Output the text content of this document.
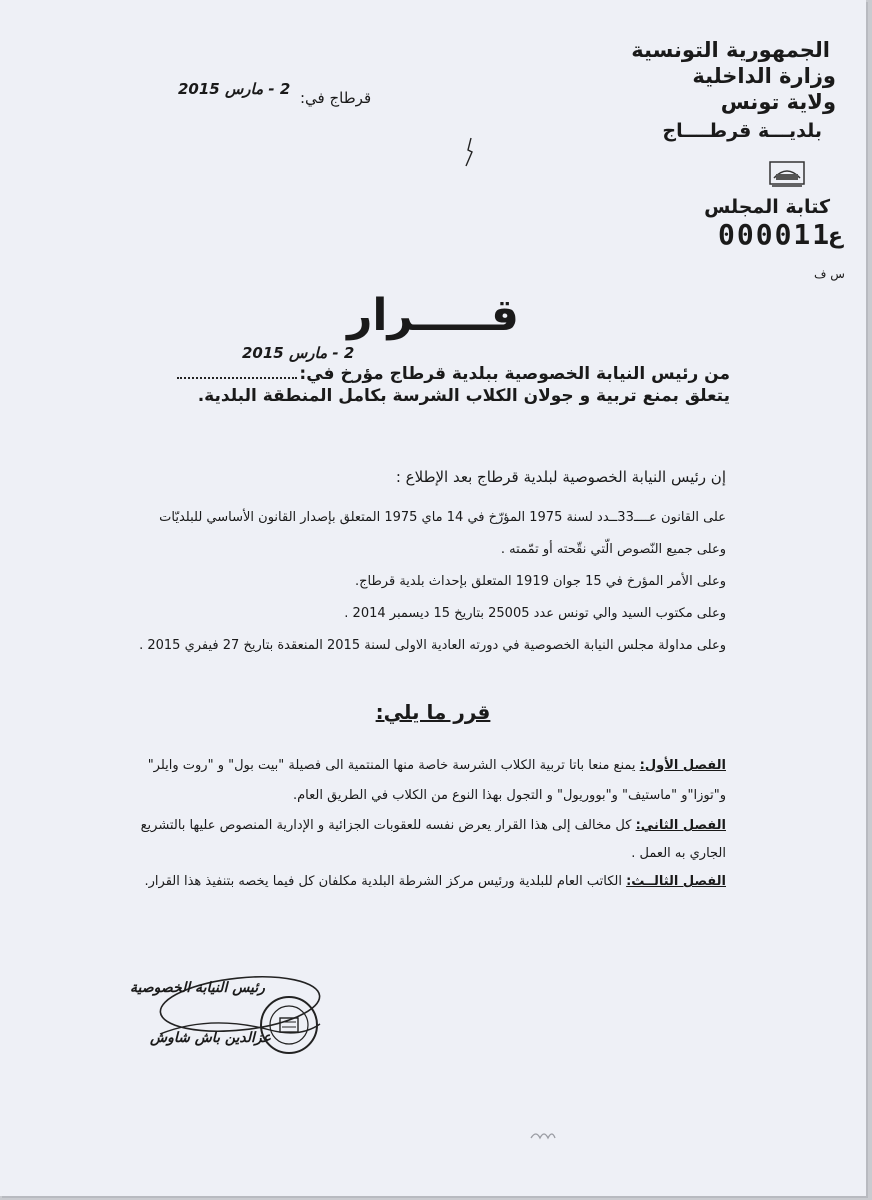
الجمهورية التونسية
وزارة الداخلية
ولاية تونس
بلديـــة قرطــــاج
كتابة المجلس
000011
ع
س ف
قرطاج في:
2 - مارس 2015
قـــــرار
2 - مارس 2015
من رئيس النيابة الخصوصية ببلدية قرطاج مؤرخ في:
يتعلق بمنع تربية و جولان الكلاب الشرسة بكامل المنطقة البلدية.
إن رئيس النيابة الخصوصية لبلدية قرطاج بعد الإطلاع :
على القانون عــــ33ــدد لسنة 1975 المؤرّخ في 14 ماي 1975 المتعلق بإصدار القانون الأساسي للبلديّات
وعلى جميع النّصوص الّتي نقّحته أو تمّمته .
وعلى الأمر المؤرخ في 15 جوان 1919 المتعلق بإحداث بلدية قرطاج.
وعلى مكتوب السيد والي تونس عدد 25005 بتاريخ 15 ديسمبر 2014 .
وعلى مداولة مجلس النيابة الخصوصية في دورته العادية الاولى لسنة 2015 المنعقدة بتاريخ 27 فيفري 2015 .
قرر ما يلي:
الفصل الأول: يمنع منعا باتا تربية الكلاب الشرسة خاصة منها المنتمية الى فصيلة "بيت بول" و "روت وايلر"
و"توزا"و "ماستيف" و"بووريول" و التجول بهذا النوع من الكلاب في الطريق العام.
الفصل الثاني: كل مخالف إلى هذا القرار يعرض نفسه للعقوبات الجزائية و الإدارية المنصوص عليها بالتشريع
الجاري به العمل .
الفصل الثالــث: الكاتب العام للبلدية ورئيس مركز الشرطة البلدية مكلفان كل فيما يخصه بتنفيذ هذا القرار.
رئيس النيابة الخصوصية
عزالدين باش شاوش
